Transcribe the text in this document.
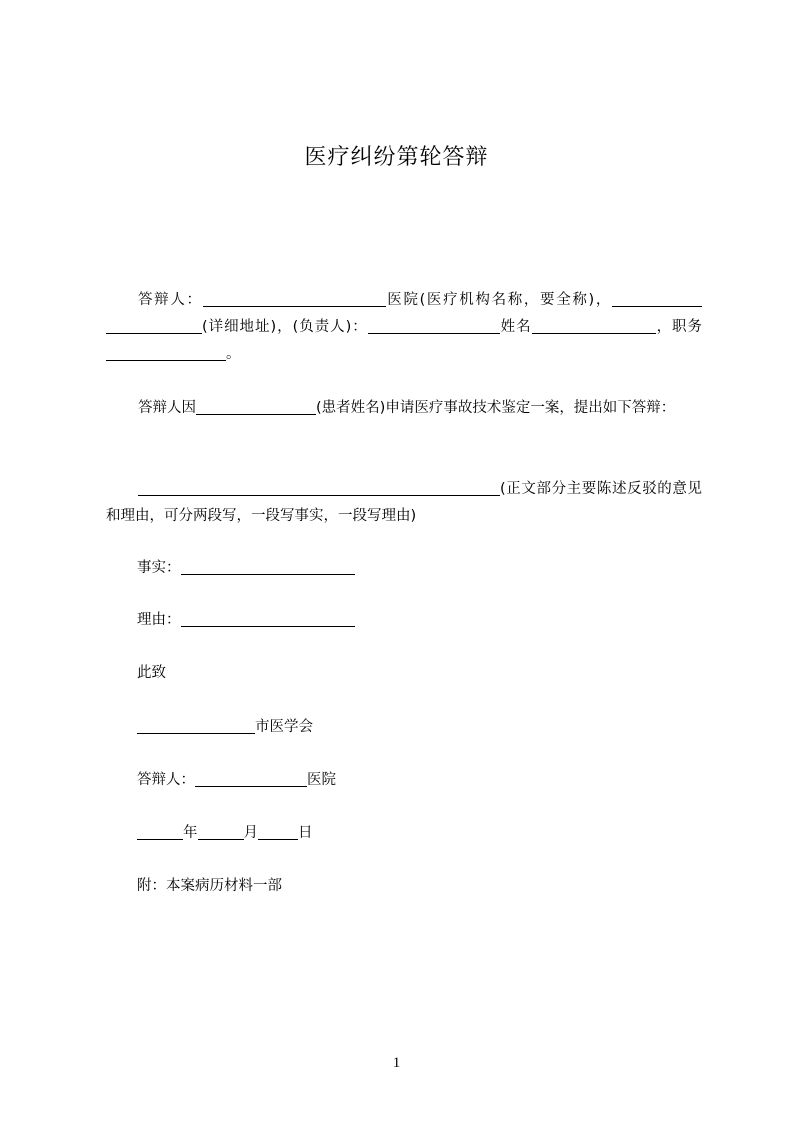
医疗纠纷第轮答辩
答辩人：	医院(医疗机构名称，要全称)，(详细地址)，(负责人)：	姓名	，职务。
答辩人因	(患者姓名)申请医疗事故技术鉴定一案，提出如下答辩：
(正文部分主要陈述反驳的意见和理由，可分两段写，一段写事实，一段写理由)
事实：
理由：
此致
市医学会
答辩人：	医院
年	月	日
附：本案病历材料一部
1
